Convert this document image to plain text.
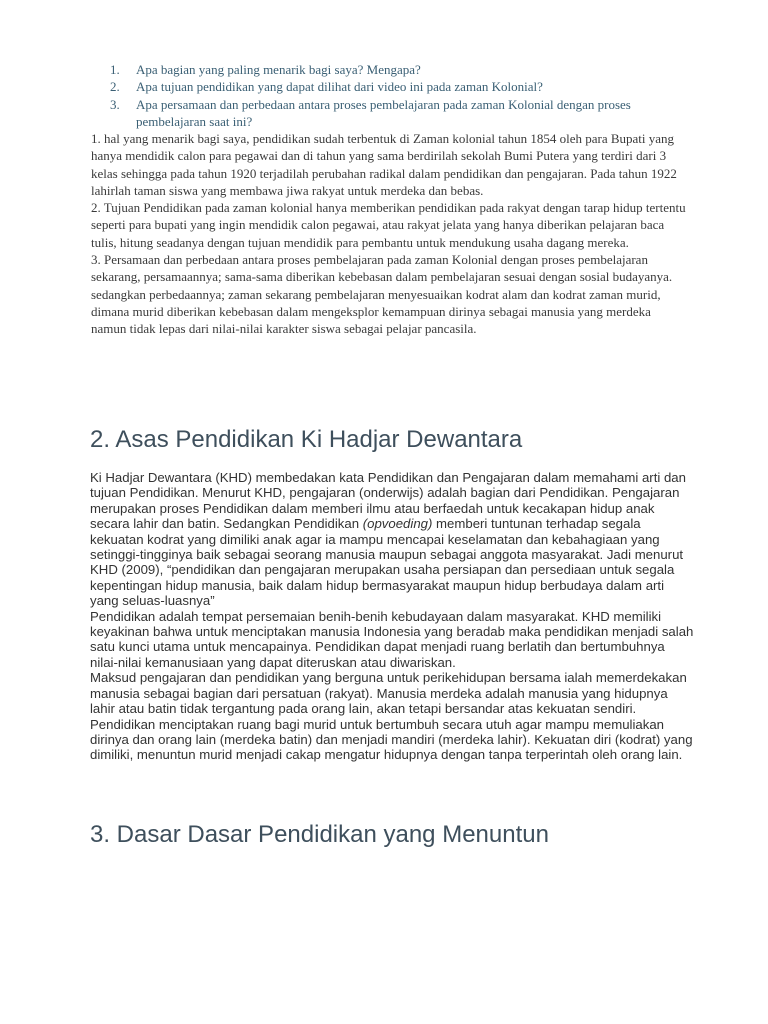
1.	Apa bagian yang paling menarik bagi saya? Mengapa?
2.	Apa tujuan pendidikan yang dapat dilihat dari video ini pada zaman Kolonial?
3.	Apa persamaan dan perbedaan antara proses pembelajaran pada zaman Kolonial dengan proses pembelajaran saat ini?

1. hal yang menarik bagi saya, pendidikan sudah terbentuk di Zaman kolonial tahun 1854 oleh para Bupati yang hanya mendidik calon para pegawai dan di tahun yang sama berdirilah sekolah Bumi Putera yang terdiri dari 3 kelas sehingga pada tahun 1920 terjadilah perubahan radikal dalam pendidikan dan pengajaran. Pada tahun 1922 lahirlah taman siswa yang membawa jiwa rakyat untuk merdeka dan bebas.

2. Tujuan Pendidikan pada zaman kolonial hanya memberikan pendidikan pada rakyat dengan tarap hidup tertentu seperti para bupati yang ingin mendidik calon pegawai, atau rakyat jelata yang hanya diberikan pelajaran baca tulis, hitung seadanya dengan tujuan mendidik para pembantu untuk mendukung usaha dagang mereka.

3. Persamaan dan perbedaan antara proses pembelajaran pada zaman Kolonial dengan proses pembelajaran sekarang, persamaannya; sama-sama diberikan kebebasan dalam pembelajaran sesuai dengan sosial budayanya. sedangkan perbedaannya; zaman sekarang pembelajaran menyesuaikan kodrat alam dan kodrat zaman murid, dimana murid diberikan kebebasan dalam mengeksplor kemampuan dirinya sebagai manusia yang merdeka namun tidak lepas dari nilai-nilai karakter siswa sebagai pelajar pancasila.

2. Asas Pendidikan Ki Hadjar Dewantara

Ki Hadjar Dewantara (KHD) membedakan kata Pendidikan dan Pengajaran dalam memahami arti dan tujuan Pendidikan. Menurut KHD, pengajaran (onderwijs) adalah bagian dari Pendidikan. Pengajaran merupakan proses Pendidikan dalam memberi ilmu atau berfaedah untuk kecakapan hidup anak secara lahir dan batin. Sedangkan Pendidikan (opvoeding) memberi tuntunan terhadap segala kekuatan kodrat yang dimiliki anak agar ia mampu mencapai keselamatan dan kebahagiaan yang setinggi-tingginya baik sebagai seorang manusia maupun sebagai anggota masyarakat. Jadi menurut KHD (2009), “pendidikan dan pengajaran merupakan usaha persiapan dan persediaan untuk segala kepentingan hidup manusia, baik dalam hidup bermasyarakat maupun hidup berbudaya dalam arti yang seluas-luasnya”

Pendidikan adalah tempat persemaian benih-benih kebudayaan dalam masyarakat. KHD memiliki keyakinan bahwa untuk menciptakan manusia Indonesia yang beradab maka pendidikan menjadi salah satu kunci utama untuk mencapainya. Pendidikan dapat menjadi ruang berlatih dan bertumbuhnya nilai-nilai kemanusiaan yang dapat diteruskan atau diwariskan.

Maksud pengajaran dan pendidikan yang berguna untuk perikehidupan bersama ialah memerdekakan manusia sebagai bagian dari persatuan (rakyat). Manusia merdeka adalah manusia yang hidupnya lahir atau batin tidak tergantung pada orang lain, akan tetapi bersandar atas kekuatan sendiri. Pendidikan menciptakan ruang bagi murid untuk bertumbuh secara utuh agar mampu memuliakan dirinya dan orang lain (merdeka batin) dan menjadi mandiri (merdeka lahir). Kekuatan diri (kodrat) yang dimiliki, menuntun murid menjadi cakap mengatur hidupnya dengan tanpa terperintah oleh orang lain.

3. Dasar Dasar Pendidikan yang Menuntun
